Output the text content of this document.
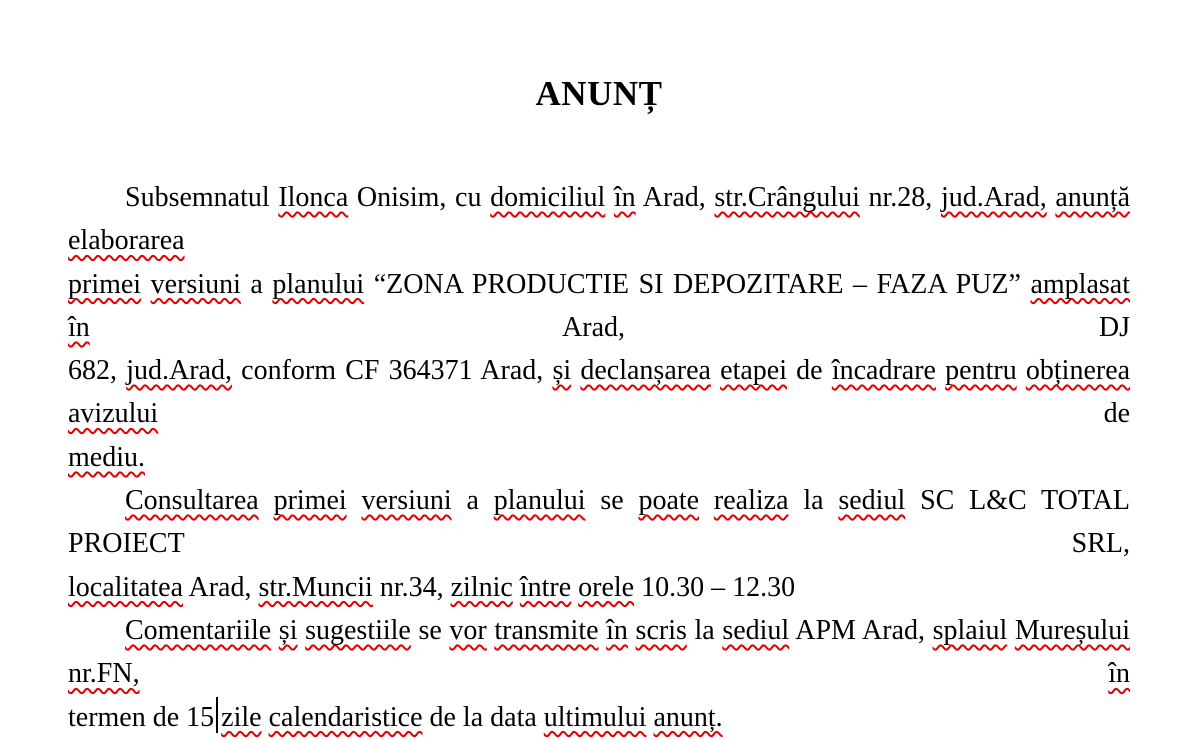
ANUNȚ
Subsemnatul Ilonca Onisim, cu domiciliul în Arad, str.Crângului nr.28, jud.Arad, anunță elaborarea
primei versiuni a planului “ZONA PRODUCTIE SI DEPOZITARE – FAZA PUZ” amplasat în Arad, DJ
682, jud.Arad, conform CF 364371 Arad, și declanșarea etapei de încadrare pentru obținerea avizului de
mediu.
Consultarea primei versiuni a planului se poate realiza la sediul SC L&C TOTAL PROIECT SRL,
localitatea Arad, str.Muncii nr.34, zilnic între orele 10.30 – 12.30
Comentariile și sugestiile se vor transmite în scris la sediul APM Arad, splaiul Mureșului nr.FN,	în
termen de 15 zile calendaristice de la data ultimului anunț.
